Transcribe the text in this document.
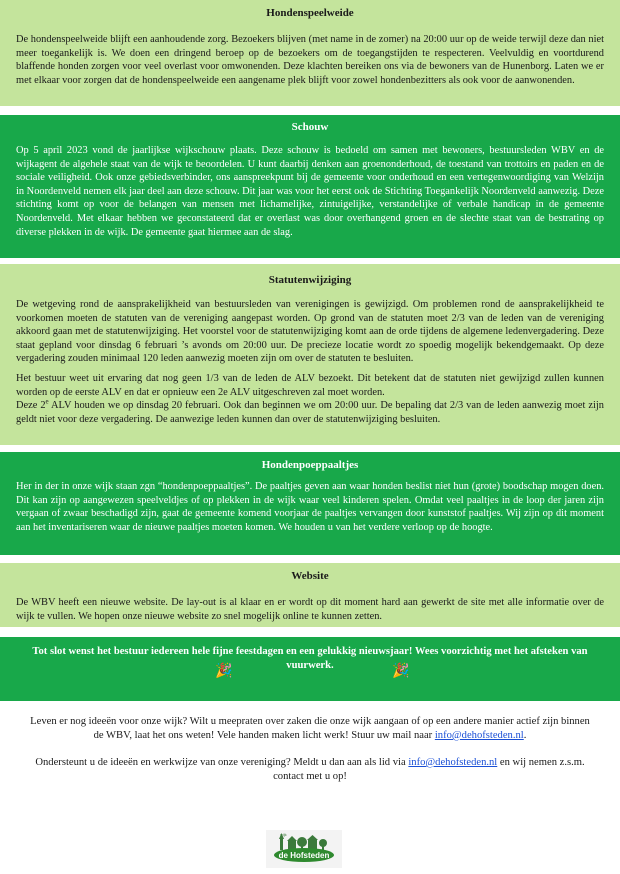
Hondenspeelweide

De hondenspeelweide blijft een aanhoudende zorg. Bezoekers blijven (met name in de zomer) na 20:00 uur op de weide terwijl deze dan niet meer toegankelijk is. We doen een dringend beroep op de bezoekers om de toegangstijden te respecteren. Veelvuldig en voortdurend blaffende honden zorgen voor veel overlast voor omwonenden. Deze klachten bereiken ons via de bewoners van de Hunenborg. Laten we er met elkaar voor zorgen dat de hondenspeelweide een aangename plek blijft voor zowel hondenbezitters als ook voor de aanwonenden.

Schouw

Op 5 april 2023 vond de jaarlijkse wijkschouw plaats. Deze schouw is bedoeld om samen met bewoners, bestuursleden WBV en de wijkagent de algehele staat van de wijk te beoordelen. U kunt daarbij denken aan groenonderhoud, de toestand van trottoirs en paden en de sociale veiligheid. Ook onze gebiedsverbinder, ons aanspreekpunt bij de gemeente voor onderhoud en een vertegenwoordiging van Welzijn in Noordenveld nemen elk jaar deel aan deze schouw. Dit jaar was voor het eerst ook de Stichting Toegankelijk Noordenveld aanwezig. Deze stichting komt op voor de belangen van mensen met lichamelijke, zintuigelijke, verstandelijke of verbale handicap in de gemeente Noordenveld. Met elkaar hebben we geconstateerd dat er overlast was door overhangend groen en de slechte staat van de bestrating op diverse plekken in de wijk. De gemeente gaat hiermee aan de slag.

Statutenwijziging

De wetgeving rond de aansprakelijkheid van bestuursleden van verenigingen is gewijzigd. Om problemen rond de aansprakelijkheid te voorkomen moeten de statuten van de vereniging aangepast worden. Op grond van de statuten moet 2/3 van de leden van de vereniging akkoord gaan met de statutenwijziging. Het voorstel voor de statutenwijziging komt aan de orde tijdens de algemene ledenvergadering. Deze staat gepland voor dinsdag 6 februari ’s avonds om 20:00 uur. De precieze locatie wordt zo spoedig mogelijk bekendgemaakt. Op deze vergadering zouden minimaal 120 leden aanwezig moeten zijn om over de statuten te besluiten.

Het bestuur weet uit ervaring dat nog geen 1/3 van de leden de ALV bezoekt. Dit betekent dat de statuten niet gewijzigd zullen kunnen worden op de eerste ALV en dat er opnieuw een 2e ALV uitgeschreven zal moet worden.

Deze 2e ALV houden we op dinsdag 20 februari. Ook dan beginnen we om 20:00 uur. De bepaling dat 2/3 van de leden aanwezig moet zijn geldt niet voor deze vergadering. De aanwezige leden kunnen dan over de statutenwijziging besluiten.

Hondenpoeppaaltjes

Her in der in onze wijk staan zgn “hondenpoeppaaltjes”. De paaltjes geven aan waar honden beslist niet hun (grote) boodschap mogen doen. Dit kan zijn op aangewezen speelveldjes of op plekken in de wijk waar veel kinderen spelen. Omdat veel paaltjes in de loop der jaren zijn vergaan of zwaar beschadigd zijn, gaat de gemeente komend voorjaar de paaltjes vervangen door kunststof paaltjes. Wij zijn op dit moment aan het inventariseren waar de nieuwe paaltjes moeten komen. We houden u van het verdere verloop op de hoogte.

Website

De WBV heeft een nieuwe website. De lay-out is al klaar en er wordt op dit moment hard aan gewerkt de site met alle informatie over de wijk te vullen. We hopen onze nieuwe website zo snel mogelijk online te kunnen zetten.

Tot slot wenst het bestuur iedereen hele fijne feestdagen en een gelukkig nieuwsjaar! Wees voorzichtig met het afsteken van vuurwerk.

🎉	🎉

Leven er nog ideeën voor onze wijk? Wilt u meepraten over zaken die onze wijk aangaan of op een andere manier actief zijn binnen de WBV, laat het ons weten! Vele handen maken licht werk! Stuur uw mail naar info@dehofsteden.nl.

Ondersteunt u de ideeën en werkwijze van onze vereniging? Meldt u dan aan als lid via info@dehofsteden.nl en wij nemen z.s.m. contact met u op!

de Hofsteden
wijk
